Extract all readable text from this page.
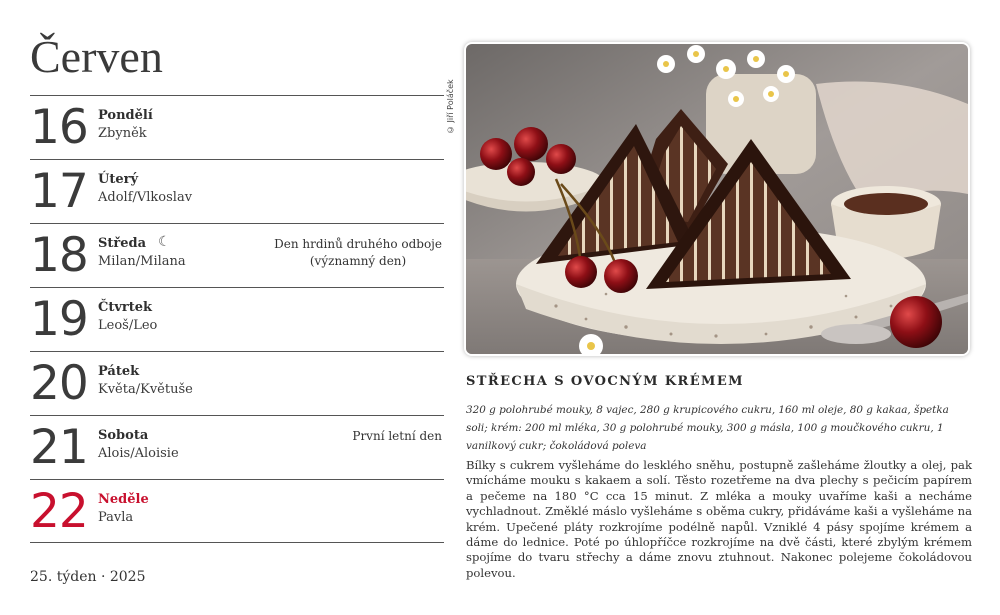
Červen
16 Pondělí
Zbyněk
17 Úterý
Adolf/Vlkoslav
18 Středa ☾
Milan/Milana
Den hrdinů druhého odboje
(významný den)
19 Čtvrtek
Leoš/Leo
20 Pátek
Květa/Květuše
21 Sobota
Alois/Aloisie
První letní den
22 Neděle
Pavla
25. týden · 2025
© Jiří Poláček
STŘECHA S OVOCNÝM KRÉMEM
320 g polohrubé mouky, 8 vajec, 280 g krupicového cukru, 160 ml oleje, 80 g kakaa, špetka soli; krém: 200 ml mléka, 30 g polohrubé mouky, 300 g másla, 100 g moučkového cukru, 1 vanilkový cukr; čokoládová poleva
Bílky s cukrem vyšleháme do lesklého sněhu, postupně zašleháme žloutky a olej, pak vmícháme mouku s kakaem a solí. Těsto rozetřeme na dva plechy s pečicím papírem a pečeme na 180 °C cca 15 minut. Z mléka a mouky uvaříme kaši a necháme vychladnout. Změklé máslo vyšleháme s oběma cukry, přidáváme kaši a vyšleháme na krém. Upečené pláty rozkrojíme podélně napůl. Vzniklé 4 pásy spojíme krémem a dáme do lednice. Poté po úhlopříčce rozkrojíme na dvě části, které zbylým krémem spojíme do tvaru střechy a dáme znovu ztuhnout. Nakonec polejeme čokoládovou polevou.
